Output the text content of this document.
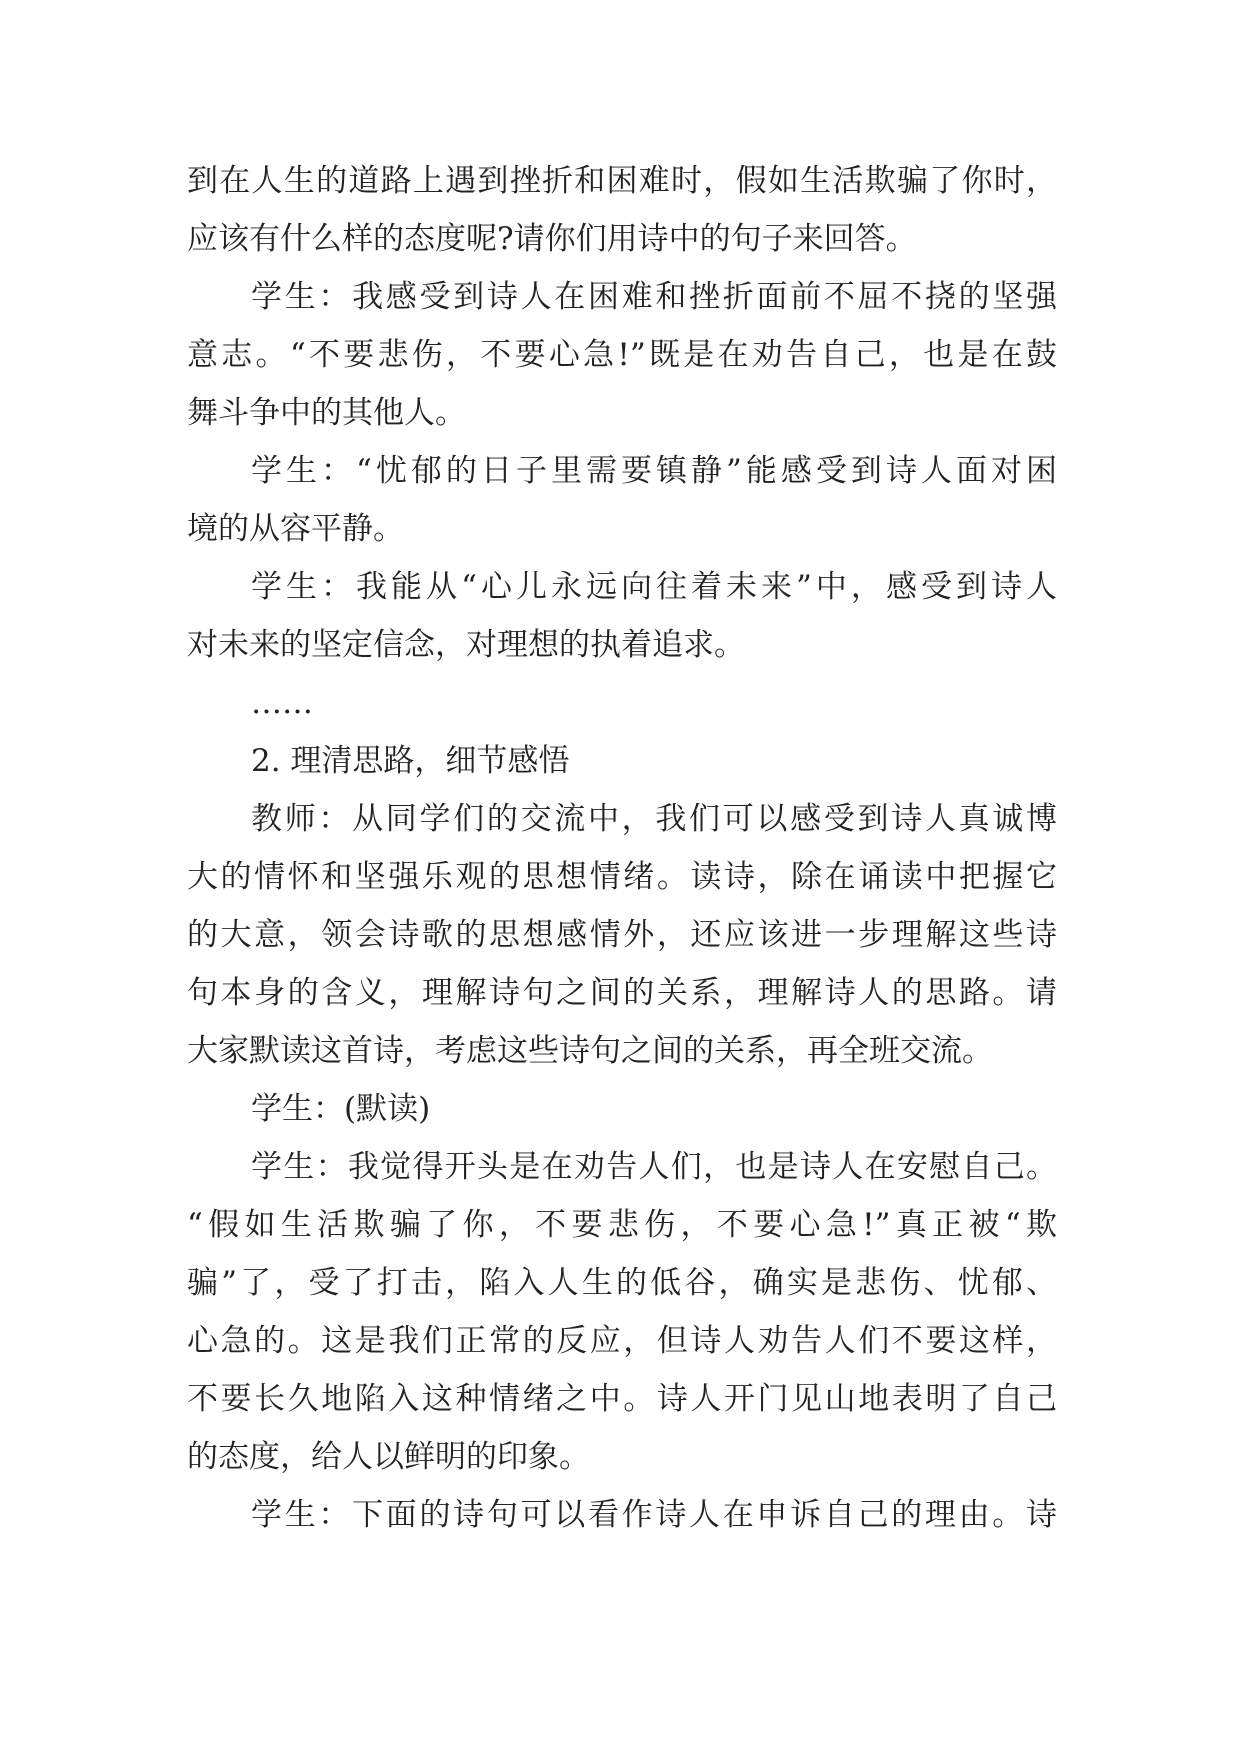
到在人生的道路上遇到挫折和困难时，假如生活欺骗了你时，
应该有什么样的态度呢?请你们用诗中的句子来回答。
学生：我感受到诗人在困难和挫折面前不屈不挠的坚强
意志。“不要悲伤，不要心急!”既是在劝告自己，也是在鼓
舞斗争中的其他人。
学生：“忧郁的日子里需要镇静”能感受到诗人面对困
境的从容平静。
学生：我能从“心儿永远向往着未来”中，感受到诗人
对未来的坚定信念，对理想的执着追求。
……
2. 理清思路，细节感悟
教师：从同学们的交流中，我们可以感受到诗人真诚博
大的情怀和坚强乐观的思想情绪。读诗，除在诵读中把握它
的大意，领会诗歌的思想感情外，还应该进一步理解这些诗
句本身的含义，理解诗句之间的关系，理解诗人的思路。请
大家默读这首诗，考虑这些诗句之间的关系，再全班交流。
学生：(默读)
学生：我觉得开头是在劝告人们，也是诗人在安慰自己。
“假如生活欺骗了你，不要悲伤，不要心急!”真正被“欺
骗”了，受了打击，陷入人生的低谷，确实是悲伤、忧郁、
心急的。这是我们正常的反应，但诗人劝告人们不要这样，
不要长久地陷入这种情绪之中。诗人开门见山地表明了自己
的态度，给人以鲜明的印象。
学生：下面的诗句可以看作诗人在申诉自己的理由。诗
